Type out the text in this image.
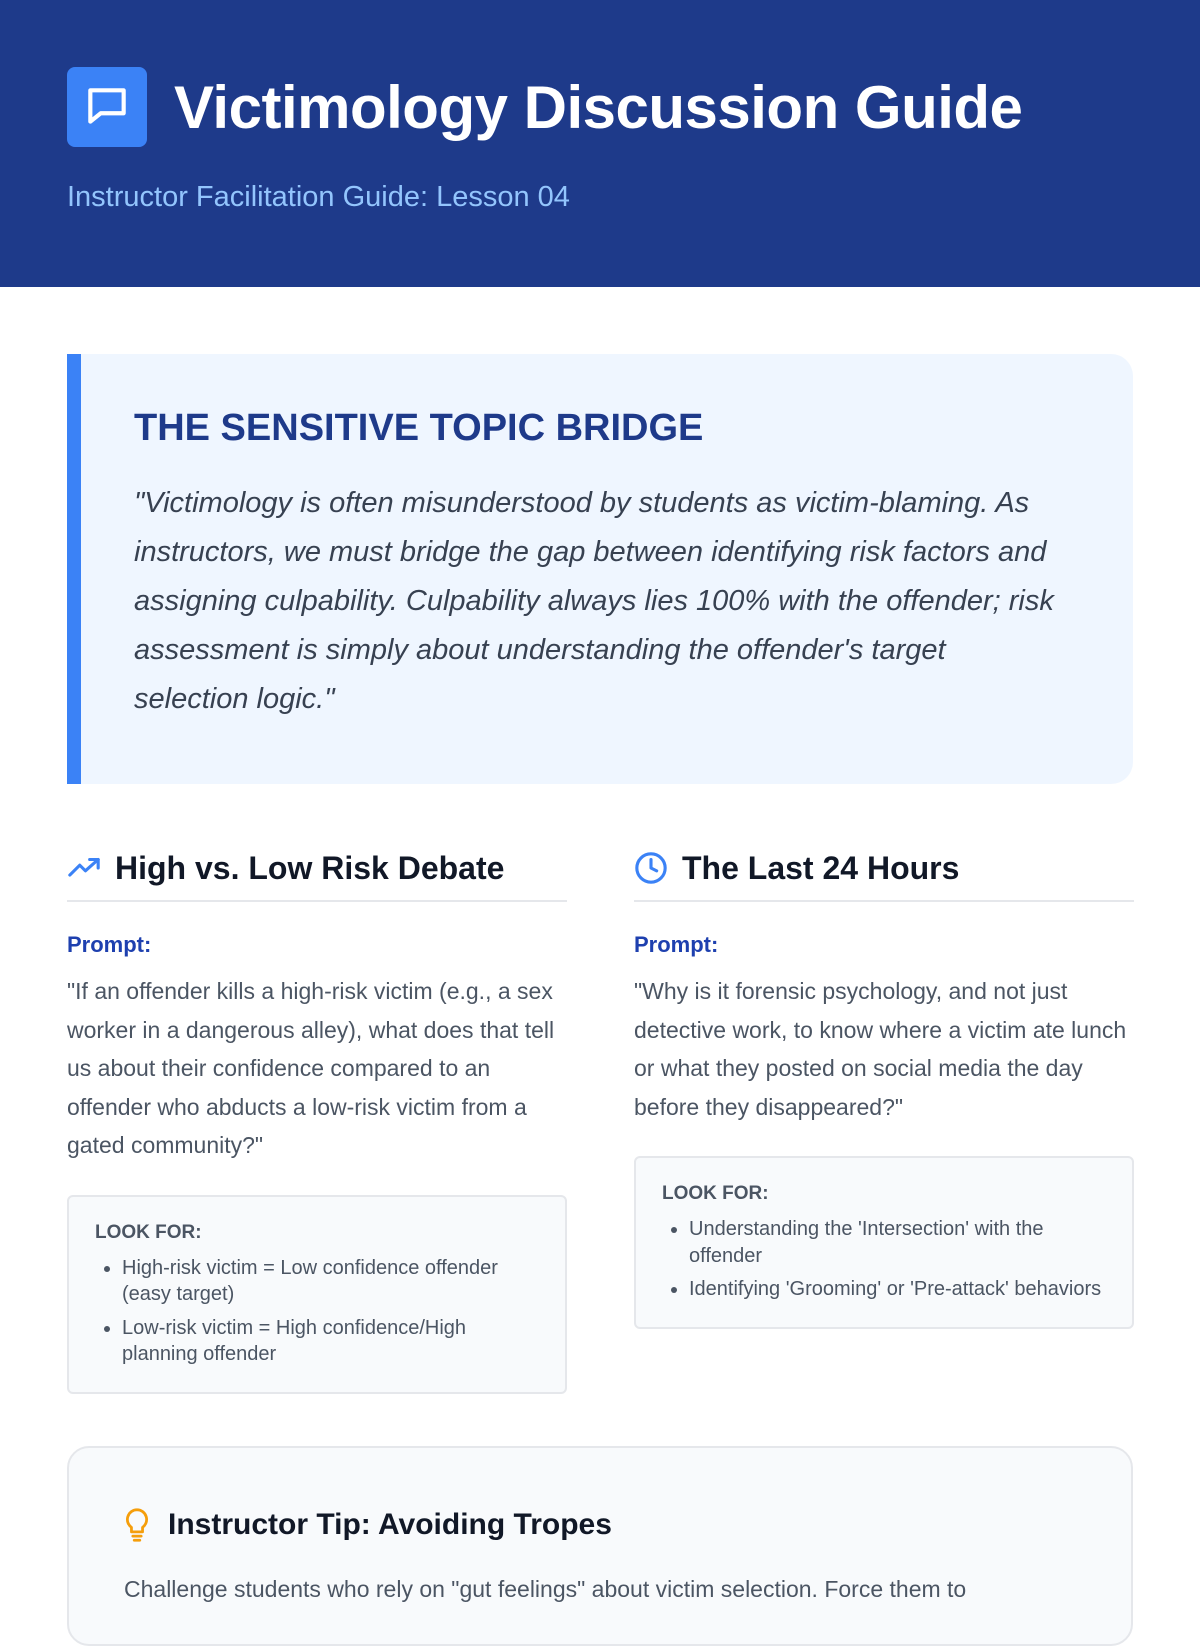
Victimology Discussion Guide

Instructor Facilitation Guide: Lesson 04

THE SENSITIVE TOPIC BRIDGE

"Victimology is often misunderstood by students as victim-blaming. As instructors, we must bridge the gap between identifying risk factors and assigning culpability. Culpability always lies 100% with the offender; risk assessment is simply about understanding the offender's target selection logic."

High vs. Low Risk Debate

Prompt:

"If an offender kills a high-risk victim (e.g., a sex worker in a dangerous alley), what does that tell us about their confidence compared to an offender who abducts a low-risk victim from a gated community?"

LOOK FOR:

• High-risk victim = Low confidence offender (easy target)
• Low-risk victim = High confidence/High planning offender
The Last 24 Hours

Prompt:

"Why is it forensic psychology, and not just detective work, to know where a victim ate lunch or what they posted on social media the day before they disappeared?"

LOOK FOR:

• Understanding the 'Intersection' with the offender
• Identifying 'Grooming' or 'Pre-attack' behaviors
Instructor Tip: Avoiding Tropes

Challenge students who rely on "gut feelings" about victim selection. Force them to
